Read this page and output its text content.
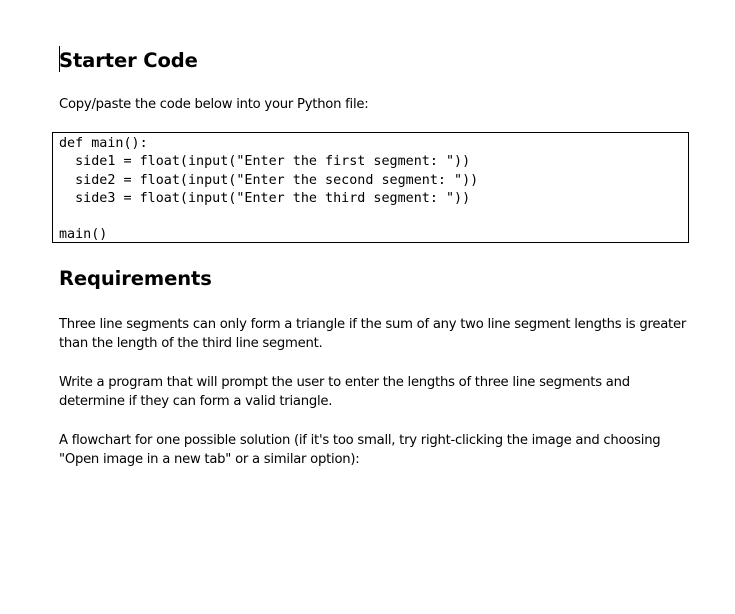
Starter Code

Copy/paste the code below into your Python file:

def main():
side1 = float(input("Enter the first segment: "))
side2 = float(input("Enter the second segment: "))
side3 = float(input("Enter the third segment: "))
main()
Requirements

Three line segments can only form a triangle if the sum of any two line segment lengths is greater than the length of the third line segment.

Write a program that will prompt the user to enter the lengths of three line segments and determine if they can form a valid triangle.

A flowchart for one possible solution (if it's too small, try right-clicking the image and choosing "Open image in a new tab" or a similar option):
